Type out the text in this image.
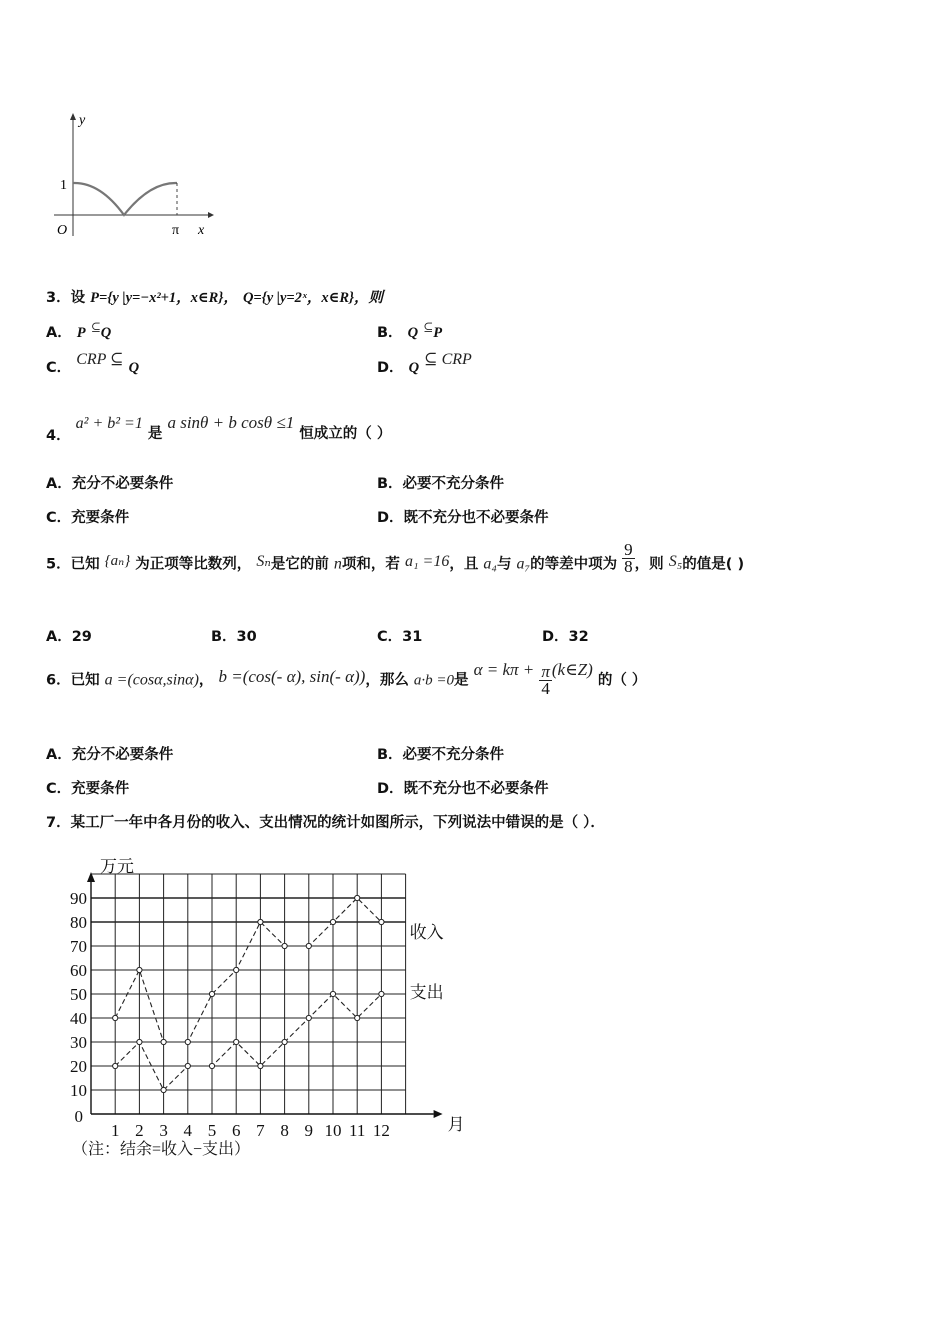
y
x
O
1
π
3．设 P={y |y=−x²+1，x∈R}， Q={y |y=2ˣ，x∈R}，则
A． P ⊆Q	B． Q ⊆P
C． CRP ⊆ Q	D． Q ⊆ CRP
4． a² + b² =1 是 a sinθ + b cosθ ≤1 恒成立的（ ）
A．充分不必要条件	B．必要不充分条件
C．充要条件	D．既不充分也不必要条件
5．已知 {aₙ} 为正项等比数列， Sₙ是它的前 n项和，若 a₁ =16，且 a₄与 a₇的等差中项为 $\frac{9}{8}$ ，则 S₅的值是( )
A．29	B．30	C．31	D．32
6．已知 a =(cosα,sinα)， b =(cos(- α), sin(- α))，那么 a·b =0是 $\alpha = k\pi + \frac{\pi}{4}$ (k∈Z) 的（ ）
A．充分不必要条件	B．必要不充分条件
C．充要条件	D．既不充分也不必要条件
7．某工厂一年中各月份的收入、支出情况的统计如图所示，下列说法中错误的是（ ）．
10
20
30
40
50
60
70
80
90
0
1 2 3 4 5 6 7 8 9 10 11 12
万元
月
（注：结余=收入−支出）
收入
支出
